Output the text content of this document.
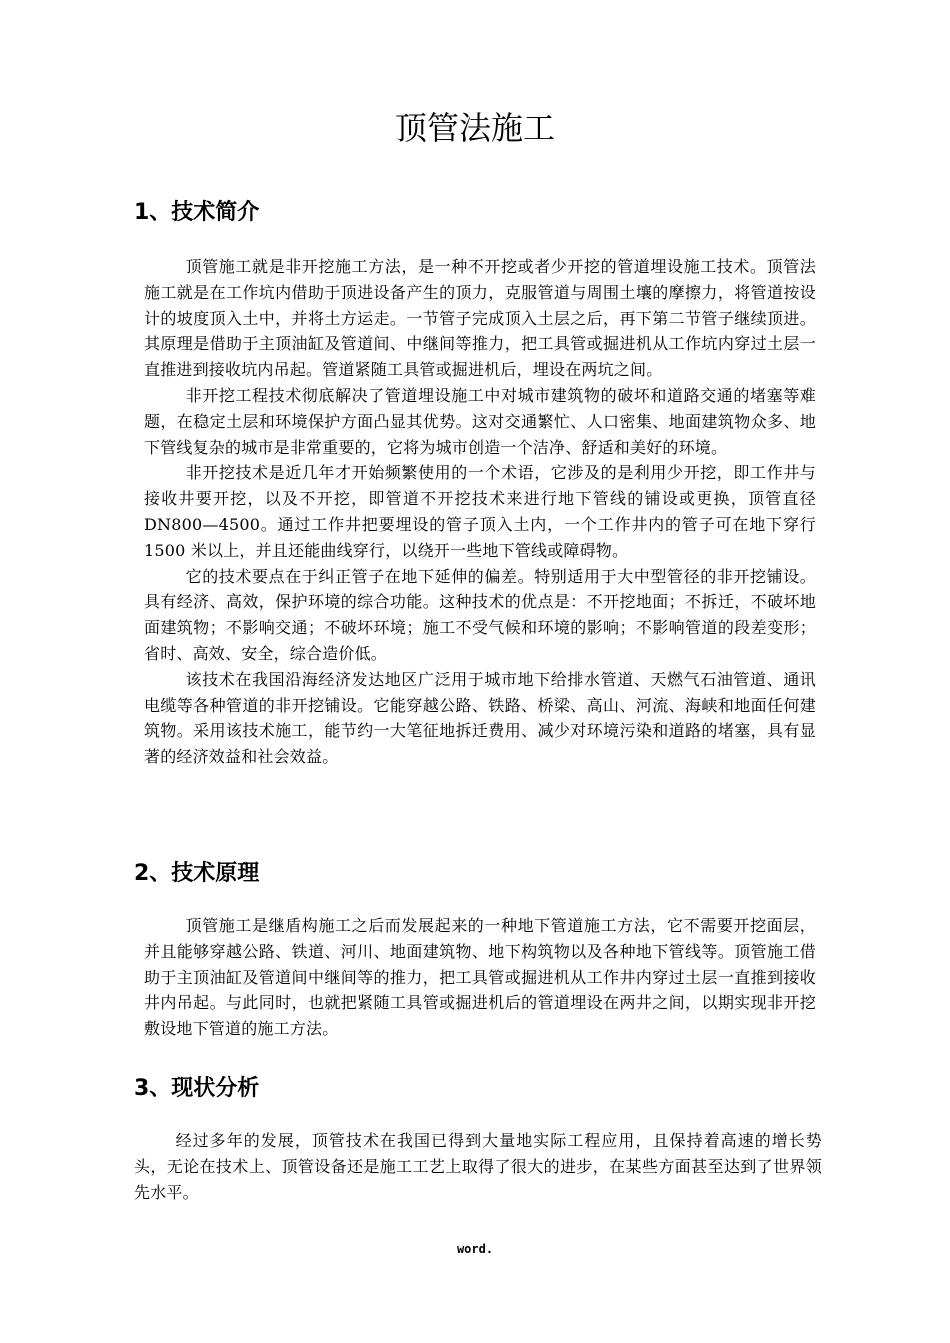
顶管法施工
1、技术简介

顶管施工就是非开挖施工方法，是一种不开挖或者少开挖的管道埋设施工技术。顶管法施工就是在工作坑内借助于顶进设备产生的顶力，克服管道与周围土壤的摩擦力，将管道按设计的坡度顶入土中，并将土方运走。一节管子完成顶入土层之后，再下第二节管子继续顶进。其原理是借助于主顶油缸及管道间、中继间等推力，把工具管或掘进机从工作坑内穿过土层一直推进到接收坑内吊起。管道紧随工具管或掘进机后，埋设在两坑之间。

非开挖工程技术彻底解决了管道埋设施工中对城市建筑物的破坏和道路交通的堵塞等难题，在稳定土层和环境保护方面凸显其优势。这对交通繁忙、人口密集、地面建筑物众多、地下管线复杂的城市是非常重要的，它将为城市创造一个洁净、舒适和美好的环境。

非开挖技术是近几年才开始频繁使用的一个术语，它涉及的是利用少开挖，即工作井与接收井要开挖，以及不开挖，即管道不开挖技术来进行地下管线的铺设或更换，顶管直径 DN800—4500。通过工作井把要埋设的管子顶入土内，一个工作井内的管子可在地下穿行 1500 米以上，并且还能曲线穿行，以绕开一些地下管线或障碍物。

它的技术要点在于纠正管子在地下延伸的偏差。特别适用于大中型管径的非开挖铺设。具有经济、高效，保护环境的综合功能。这种技术的优点是：不开挖地面；不拆迁，不破坏地面建筑物；不影响交通；不破坏环境；施工不受气候和环境的影响；不影响管道的段差变形；省时、高效、安全，综合造价低。

该技术在我国沿海经济发达地区广泛用于城市地下给排水管道、天燃气石油管道、通讯电缆等各种管道的非开挖铺设。它能穿越公路、铁路、桥梁、高山、河流、海峡和地面任何建筑物。采用该技术施工，能节约一大笔征地拆迁费用、减少对环境污染和道路的堵塞，具有显著的经济效益和社会效益。

2、技术原理

顶管施工是继盾构施工之后而发展起来的一种地下管道施工方法，它不需要开挖面层，并且能够穿越公路、铁道、河川、地面建筑物、地下构筑物以及各种地下管线等。顶管施工借助于主顶油缸及管道间中继间等的推力，把工具管或掘进机从工作井内穿过土层一直推到接收井内吊起。与此同时，也就把紧随工具管或掘进机后的管道埋设在两井之间，以期实现非开挖敷设地下管道的施工方法。

3、现状分析

经过多年的发展，顶管技术在我国已得到大量地实际工程应用，且保持着高速的增长势头，无论在技术上、顶管设备还是施工工艺上取得了很大的进步，在某些方面甚至达到了世界领先水平。

word.
